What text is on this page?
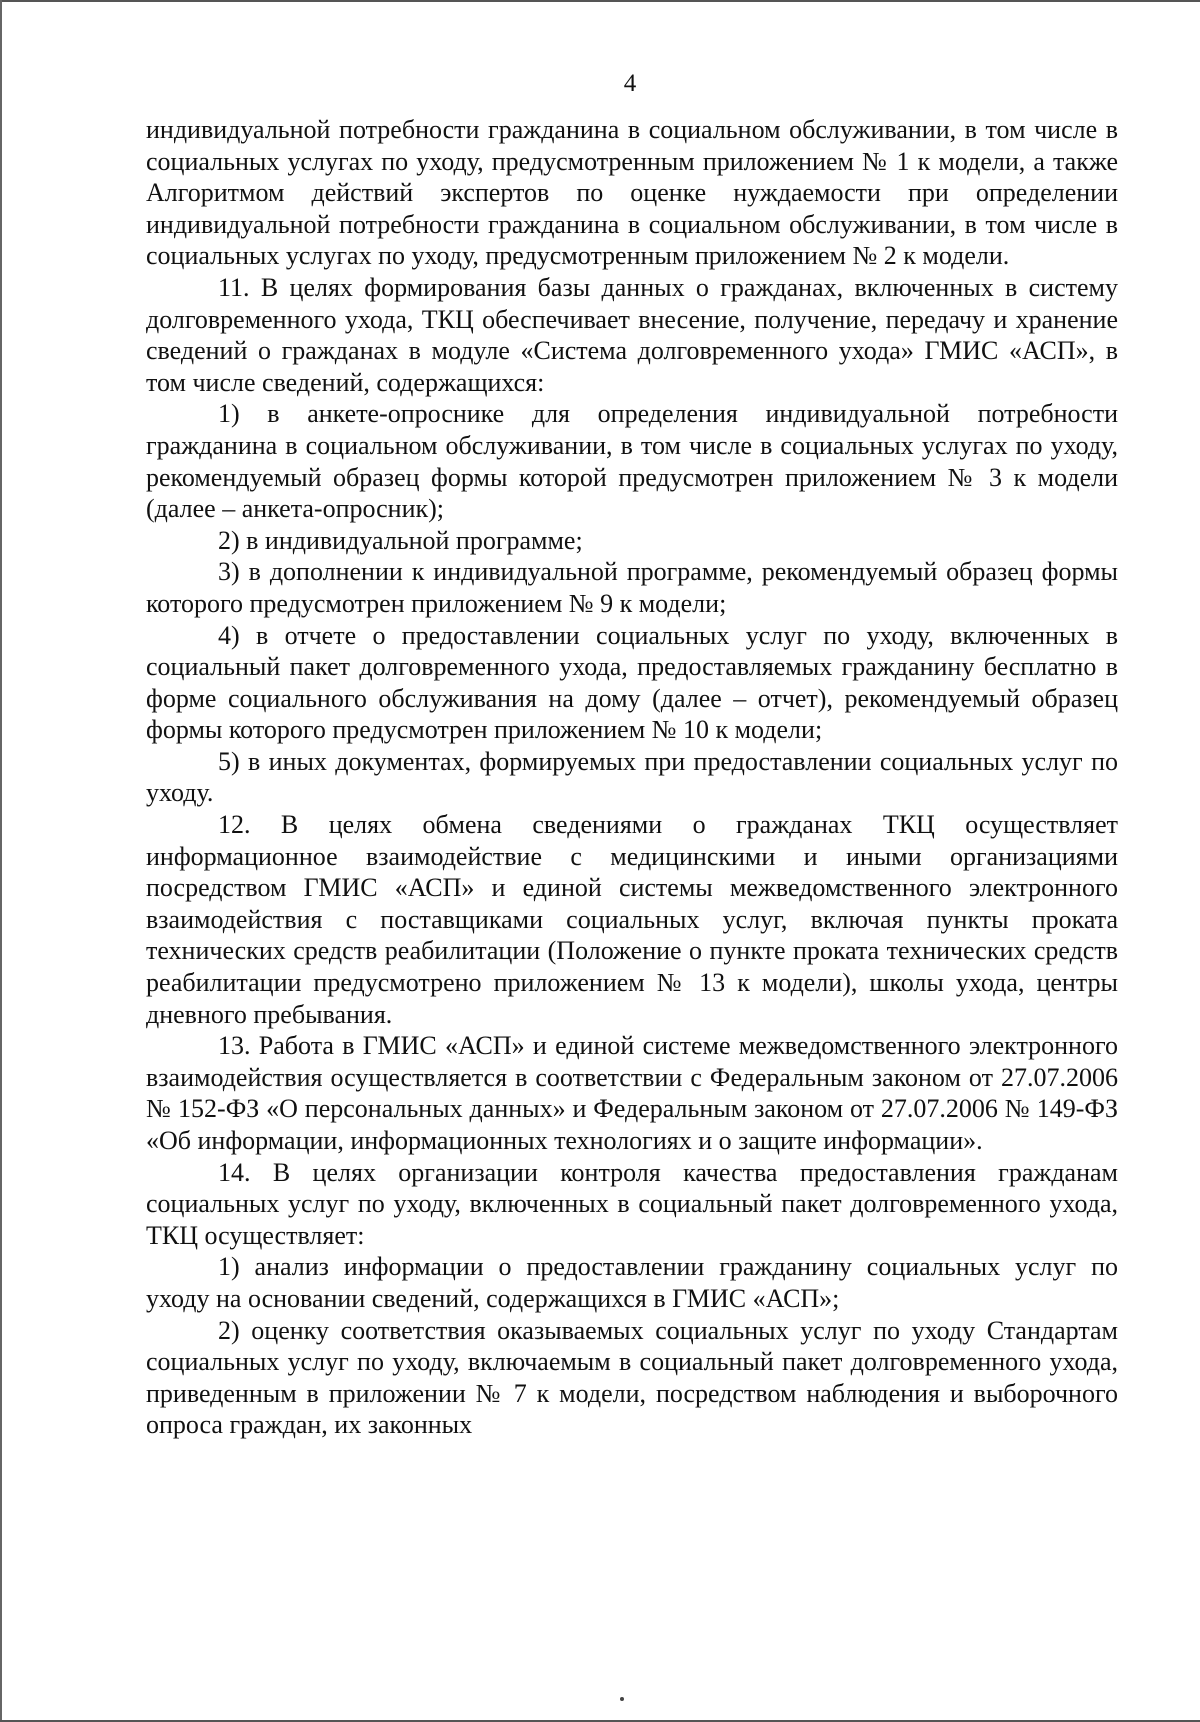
4

индивидуальной потребности гражданина в социальном обслуживании, в том числе в социальных услугах по уходу, предусмотренным приложением № 1 к модели, а также Алгоритмом действий экспертов по оценке нуждаемости при определении индивидуальной потребности гражданина в социальном обслуживании, в том числе в социальных услугах по уходу, предусмотренным приложением № 2 к модели.

11. В целях формирования базы данных о гражданах, включенных в систему долговременного ухода, ТКЦ обеспечивает внесение, получение, передачу и хранение сведений о гражданах в модуле «Система долговременного ухода» ГМИС «АСП», в том числе сведений, содержащихся:

1) в анкете-опроснике для определения индивидуальной потребности гражданина в социальном обслуживании, в том числе в социальных услугах по уходу, рекомендуемый образец формы которой предусмотрен приложением № 3 к модели (далее – анкета-опросник);

2) в индивидуальной программе;

3) в дополнении к индивидуальной программе, рекомендуемый образец формы которого предусмотрен приложением № 9 к модели;

4) в отчете о предоставлении социальных услуг по уходу, включенных в социальный пакет долговременного ухода, предоставляемых гражданину бесплатно в форме социального обслуживания на дому (далее – отчет), рекомендуемый образец формы которого предусмотрен приложением № 10 к модели;

5) в иных документах, формируемых при предоставлении социальных услуг по уходу.

12. В целях обмена сведениями о гражданах ТКЦ осуществляет информационное взаимодействие с медицинскими и иными организациями посредством ГМИС «АСП» и единой системы межведомственного электронного взаимодействия с поставщиками социальных услуг, включая пункты проката технических средств реабилитации (Положение о пункте проката технических средств реабилитации предусмотрено приложением № 13 к модели), школы ухода, центры дневного пребывания.

13. Работа в ГМИС «АСП» и единой системе межведомственного электронного взаимодействия осуществляется в соответствии с Федеральным законом от 27.07.2006 № 152-ФЗ «О персональных данных» и Федеральным законом от 27.07.2006 № 149-ФЗ «Об информации, информационных технологиях и о защите информации».

14. В целях организации контроля качества предоставления гражданам социальных услуг по уходу, включенных в социальный пакет долговременного ухода, ТКЦ осуществляет:

1) анализ информации о предоставлении гражданину социальных услуг по уходу на основании сведений, содержащихся в ГМИС «АСП»;

2) оценку соответствия оказываемых социальных услуг по уходу Стандартам социальных услуг по уходу, включаемым в социальный пакет долговременного ухода, приведенным в приложении № 7 к модели, посредством наблюдения и выборочного опроса граждан, их законных
